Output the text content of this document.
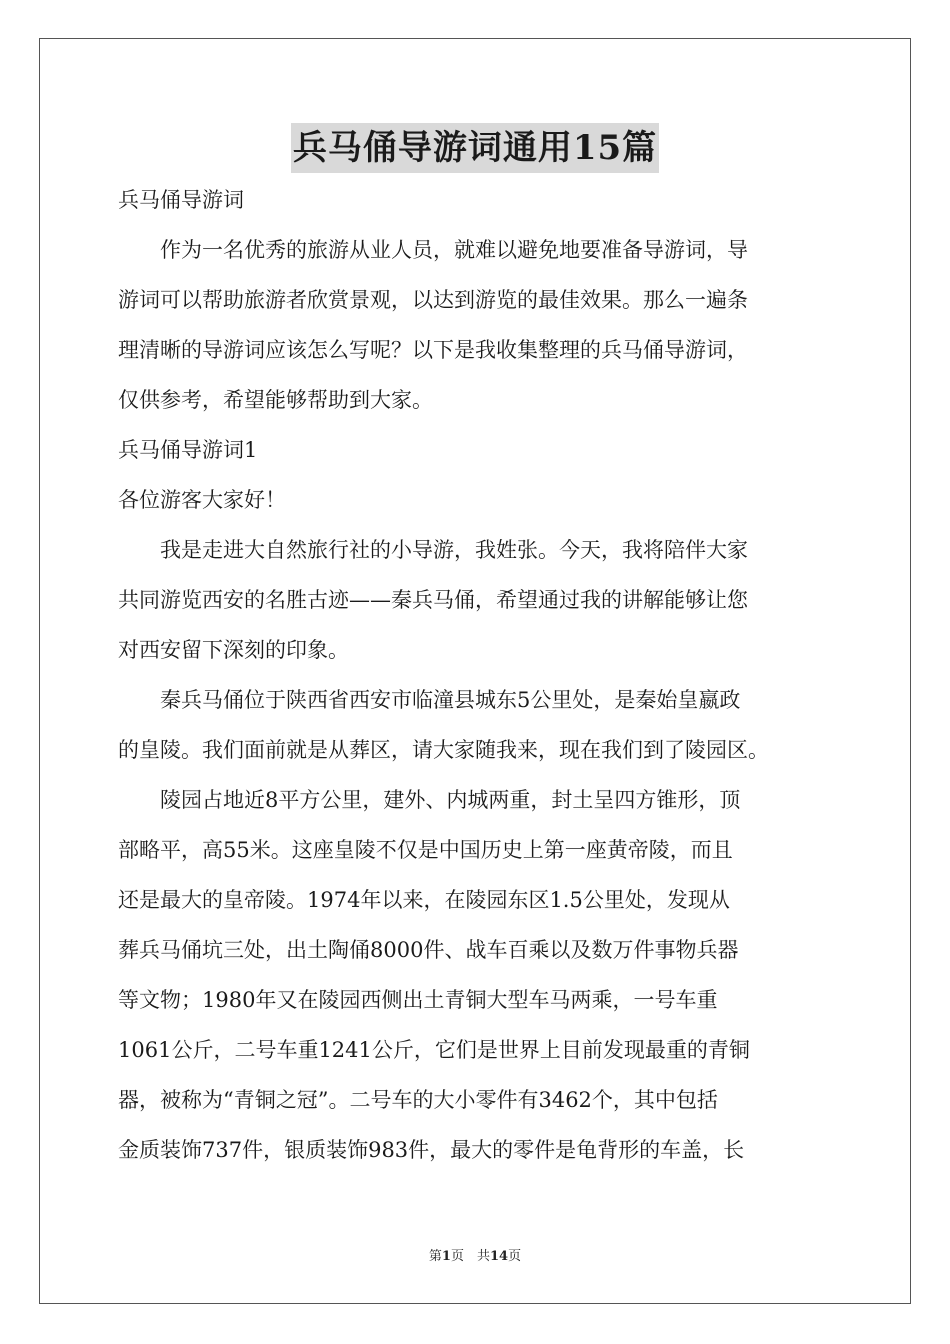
兵马俑导游词通用15篇

兵马俑导游词

　　作为一名优秀的旅游从业人员，就难以避免地要准备导游词，导

游词可以帮助旅游者欣赏景观，以达到游览的最佳效果。那么一遍条

理清晰的导游词应该怎么写呢？以下是我收集整理的兵马俑导游词，

仅供参考，希望能够帮助到大家。

兵马俑导游词1

各位游客大家好！

　　我是走进大自然旅行社的小导游，我姓张。今天，我将陪伴大家

共同游览西安的名胜古迹——秦兵马俑，希望通过我的讲解能够让您

对西安留下深刻的印象。

　　秦兵马俑位于陕西省西安市临潼县城东5公里处，是秦始皇嬴政

的皇陵。我们面前就是从葬区，请大家随我来，现在我们到了陵园区。

　　陵园占地近8平方公里，建外、内城两重，封土呈四方锥形，顶

部略平，高55米。这座皇陵不仅是中国历史上第一座黄帝陵，而且

还是最大的皇帝陵。1974年以来，在陵园东区1.5公里处，发现从

葬兵马俑坑三处，出土陶俑8000件、战车百乘以及数万件事物兵器

等文物；1980年又在陵园西侧出土青铜大型车马两乘，一号车重

1061公斤，二号车重1241公斤，它们是世界上目前发现最重的青铜

器，被称为“青铜之冠”。二号车的大小零件有3462个，其中包括

金质装饰737件，银质装饰983件，最大的零件是龟背形的车盖，长

第1页　共14页
